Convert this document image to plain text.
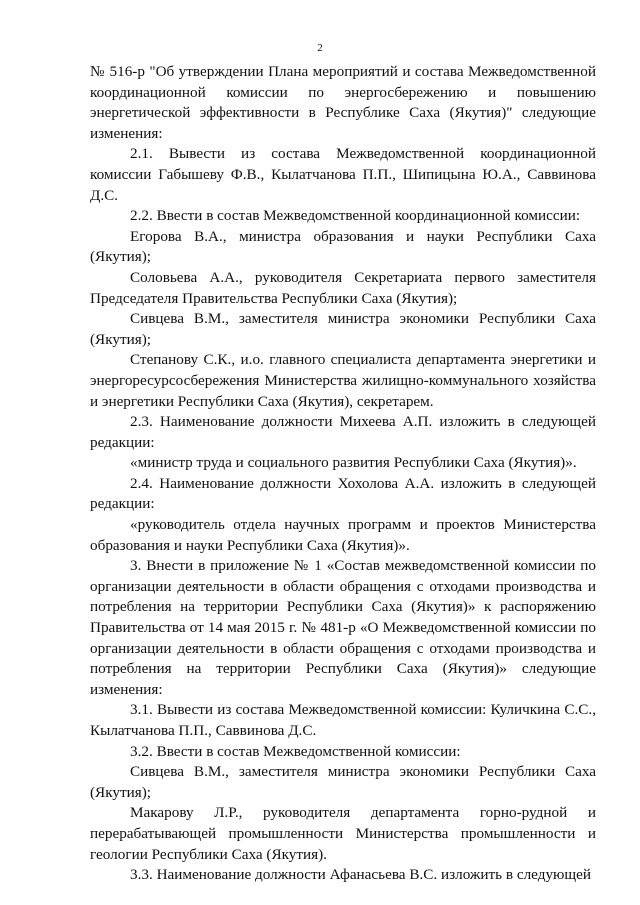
2

№ 516-р "Об утверждении Плана мероприятий и состава Межведомственной координационной комиссии по энергосбережению и повышению энергетической эффективности в Республике Саха (Якутия)" следующие изменения:

2.1. Вывести из состава Межведомственной координационной комиссии Габышеву Ф.В., Кылатчанова П.П., Шипицына Ю.А., Саввинова Д.С.

2.2. Ввести в состав Межведомственной координационной комиссии:

Егорова В.А., министра образования и науки Республики Саха (Якутия);

Соловьева А.А., руководителя Секретариата первого заместителя Председателя Правительства Республики Саха (Якутия);

Сивцева В.М., заместителя министра экономики Республики Саха (Якутия);

Степанову С.К., и.о. главного специалиста департамента энергетики и энергоресурсосбережения Министерства жилищно-коммунального хозяйства и энергетики Республики Саха (Якутия), секретарем.

2.3. Наименование должности Михеева А.П. изложить в следующей редакции:

«министр труда и социального развития Республики Саха (Якутия)».

2.4. Наименование должности Хохолова А.А. изложить в следующей редакции:

«руководитель отдела научных программ и проектов Министерства образования и науки Республики Саха (Якутия)».

3. Внести в приложение № 1 «Состав межведомственной комиссии по организации деятельности в области обращения с отходами производства и потребления на территории Республики Саха (Якутия)» к распоряжению Правительства от 14 мая 2015 г. № 481-р «О Межведомственной комиссии по организации деятельности в области обращения с отходами производства и потребления на территории Республики Саха (Якутия)» следующие изменения:

3.1. Вывести из состава Межведомственной комиссии: Куличкина С.С., Кылатчанова П.П., Саввинова Д.С.

3.2. Ввести в состав Межведомственной комиссии:

Сивцева В.М., заместителя министра экономики Республики Саха (Якутия);

Макарову Л.Р., руководителя департамента горно-рудной и перерабатывающей промышленности Министерства промышленности и геологии Республики Саха (Якутия).

3.3. Наименование должности Афанасьева В.С. изложить в следующей
